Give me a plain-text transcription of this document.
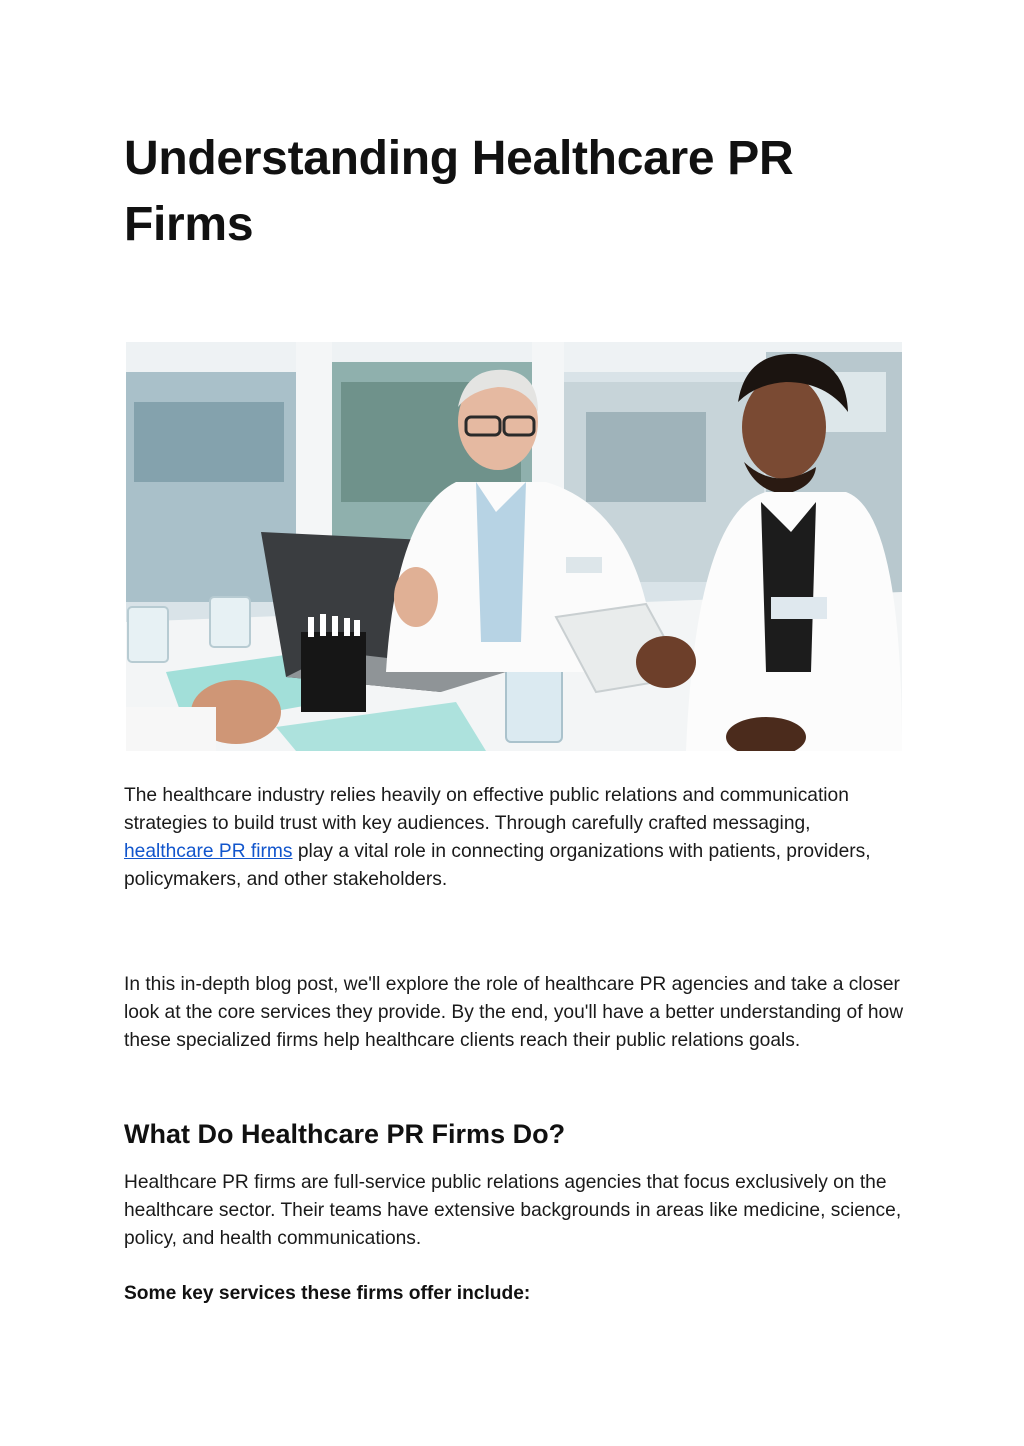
Understanding Healthcare PR Firms

The healthcare industry relies heavily on effective public relations and communication strategies to build trust with key audiences. Through carefully crafted messaging, healthcare PR firms play a vital role in connecting organizations with patients, providers, policymakers, and other stakeholders.

In this in-depth blog post, we'll explore the role of healthcare PR agencies and take a closer look at the core services they provide. By the end, you'll have a better understanding of how these specialized firms help healthcare clients reach their public relations goals.

What Do Healthcare PR Firms Do?

Healthcare PR firms are full-service public relations agencies that focus exclusively on the healthcare sector. Their teams have extensive backgrounds in areas like medicine, science, policy, and health communications.

Some key services these firms offer include:
